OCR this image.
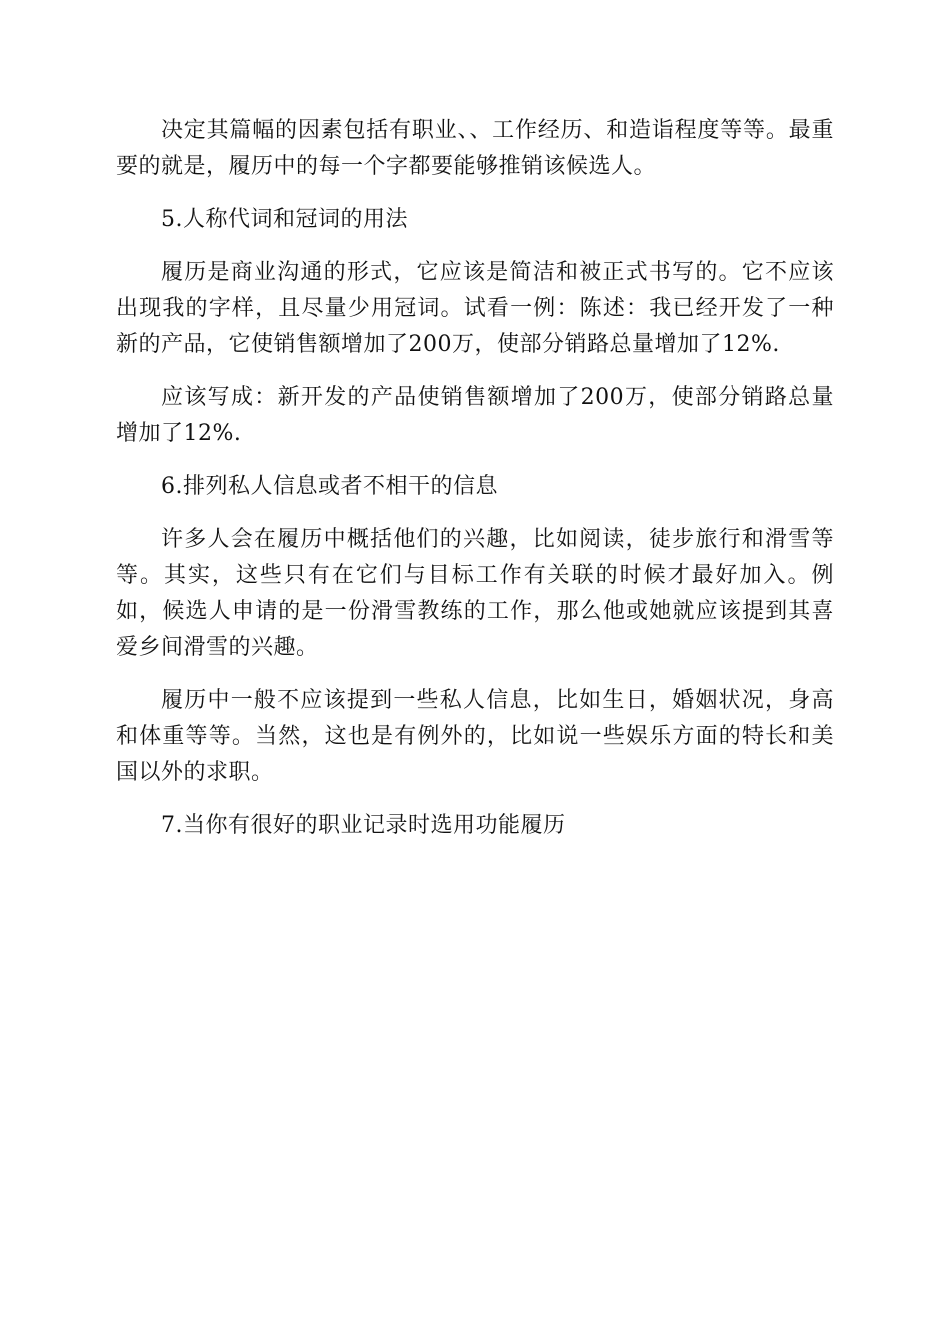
决定其篇幅的因素包括有职业、、工作经历、和造诣程度等等。最重要的就是，履历中的每一个字都要能够推销该候选人。

5.人称代词和冠词的用法

履历是商业沟通的形式，它应该是简洁和被正式书写的。它不应该出现我的字样，且尽量少用冠词。试看一例：陈述：我已经开发了一种新的产品，它使销售额增加了200万，使部分销路总量增加了12%.

应该写成：新开发的产品使销售额增加了200万，使部分销路总量增加了12%.

6.排列私人信息或者不相干的信息

许多人会在履历中概括他们的兴趣，比如阅读，徒步旅行和滑雪等等。其实，这些只有在它们与目标工作有关联的时候才最好加入。例如，候选人申请的是一份滑雪教练的工作，那么他或她就应该提到其喜爱乡间滑雪的兴趣。

履历中一般不应该提到一些私人信息，比如生日，婚姻状况，身高和体重等等。当然，这也是有例外的，比如说一些娱乐方面的特长和美国以外的求职。

7.当你有很好的职业记录时选用功能履历
